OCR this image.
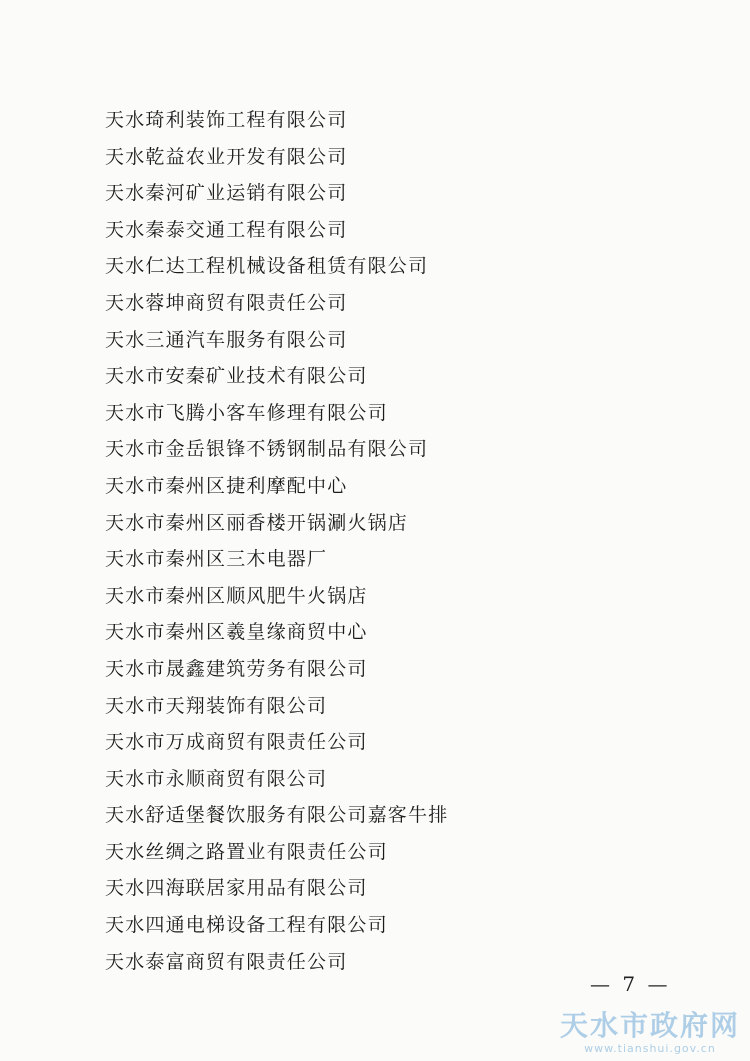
天水琦利装饰工程有限公司
天水乾益农业开发有限公司
天水秦河矿业运销有限公司
天水秦泰交通工程有限公司
天水仁达工程机械设备租赁有限公司
天水蓉坤商贸有限责任公司
天水三通汽车服务有限公司
天水市安秦矿业技术有限公司
天水市飞腾小客车修理有限公司
天水市金岳银锋不锈钢制品有限公司
天水市秦州区捷利摩配中心
天水市秦州区丽香楼开锅涮火锅店
天水市秦州区三木电器厂
天水市秦州区顺风肥牛火锅店
天水市秦州区羲皇缘商贸中心
天水市晟鑫建筑劳务有限公司
天水市天翔装饰有限公司
天水市万成商贸有限责任公司
天水市永顺商贸有限公司
天水舒适堡餐饮服务有限公司嘉客牛排
天水丝绸之路置业有限责任公司
天水四海联居家用品有限公司
天水四通电梯设备工程有限公司
天水泰富商贸有限责任公司
— 7 —
天水市政府网
www.tianshui.gov.cn
